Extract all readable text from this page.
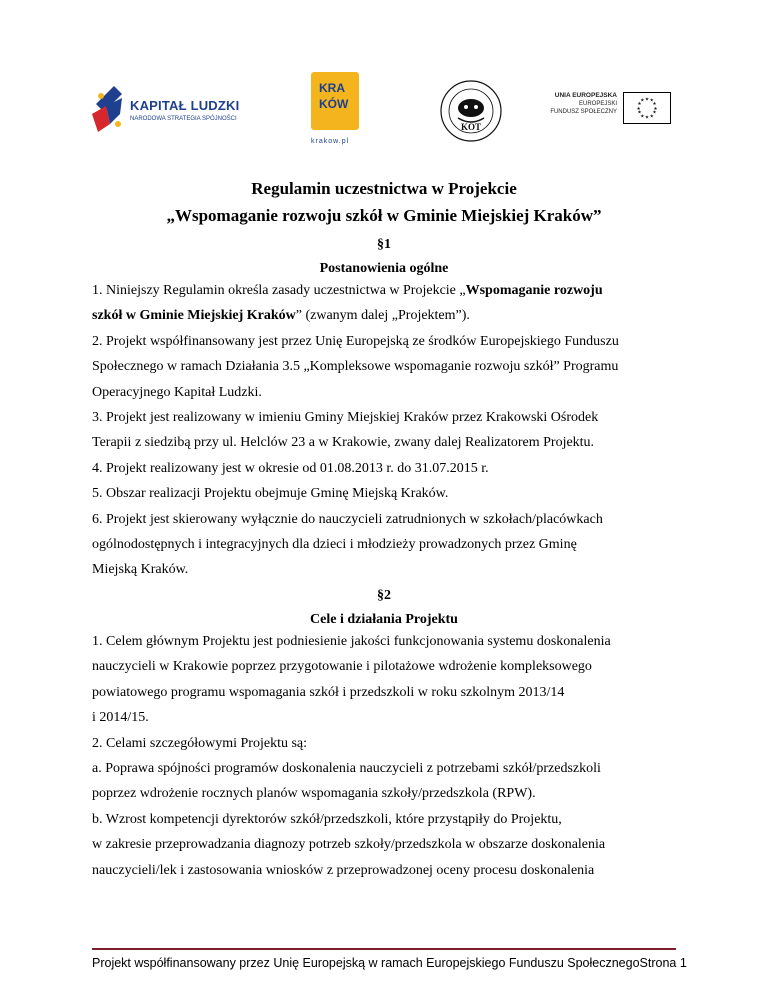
KAPITAŁ LUDZKI
NARODOWA STRATEGIA SPÓJNOŚCI
KRA
KÓW
krakow.pl
KOT
UNIA EUROPEJSKA
EUROPEJSKI
FUNDUSZ SPOŁECZNY
★ ★
★
★
★
★
★
★
★
★
★
★
Regulamin uczestnictwa w Projekcie
„Wspomaganie rozwoju szkół w Gminie Miejskiej Kraków”
§1
Postanowienia ogólne
1. Niniejszy Regulamin określa zasady uczestnictwa w Projekcie „Wspomaganie rozwoju
szkół w Gminie Miejskiej Kraków” (zwanym dalej „Projektem”).
2. Projekt współfinansowany jest przez Unię Europejską ze środków Europejskiego Funduszu
Społecznego w ramach Działania 3.5 „Kompleksowe wspomaganie rozwoju szkół” Programu
Operacyjnego Kapitał Ludzki.
3. Projekt jest realizowany w imieniu Gminy Miejskiej Kraków przez Krakowski Ośrodek
Terapii z siedzibą przy ul. Helclów 23 a w Krakowie, zwany dalej Realizatorem Projektu.
4. Projekt realizowany jest w okresie od 01.08.2013 r. do 31.07.2015 r.
5. Obszar realizacji Projektu obejmuje Gminę Miejską Kraków.
6. Projekt jest skierowany wyłącznie do nauczycieli zatrudnionych w szkołach/placówkach
ogólnodostępnych i integracyjnych dla dzieci i młodzieży prowadzonych przez Gminę
Miejską Kraków.
§2
Cele i działania Projektu
1. Celem głównym Projektu jest podniesienie jakości funkcjonowania systemu doskonalenia
nauczycieli w Krakowie poprzez przygotowanie i pilotażowe wdrożenie kompleksowego
powiatowego programu wspomagania szkół i przedszkoli w roku szkolnym 2013/14
i 2014/15.
2. Celami szczegółowymi Projektu są:
a. Poprawa spójności programów doskonalenia nauczycieli z potrzebami szkół/przedszkoli
poprzez wdrożenie rocznych planów wspomagania szkoły/przedszkola (RPW).
b. Wzrost kompetencji dyrektorów szkół/przedszkoli, które przystąpiły do Projektu,
w zakresie przeprowadzania diagnozy potrzeb szkoły/przedszkola w obszarze doskonalenia
nauczycieli/lek i zastosowania wniosków z przeprowadzonej oceny procesu doskonalenia
Projekt współfinansowany przez Unię Europejską w ramach Europejskiego Funduszu SpołecznegoStrona 1
